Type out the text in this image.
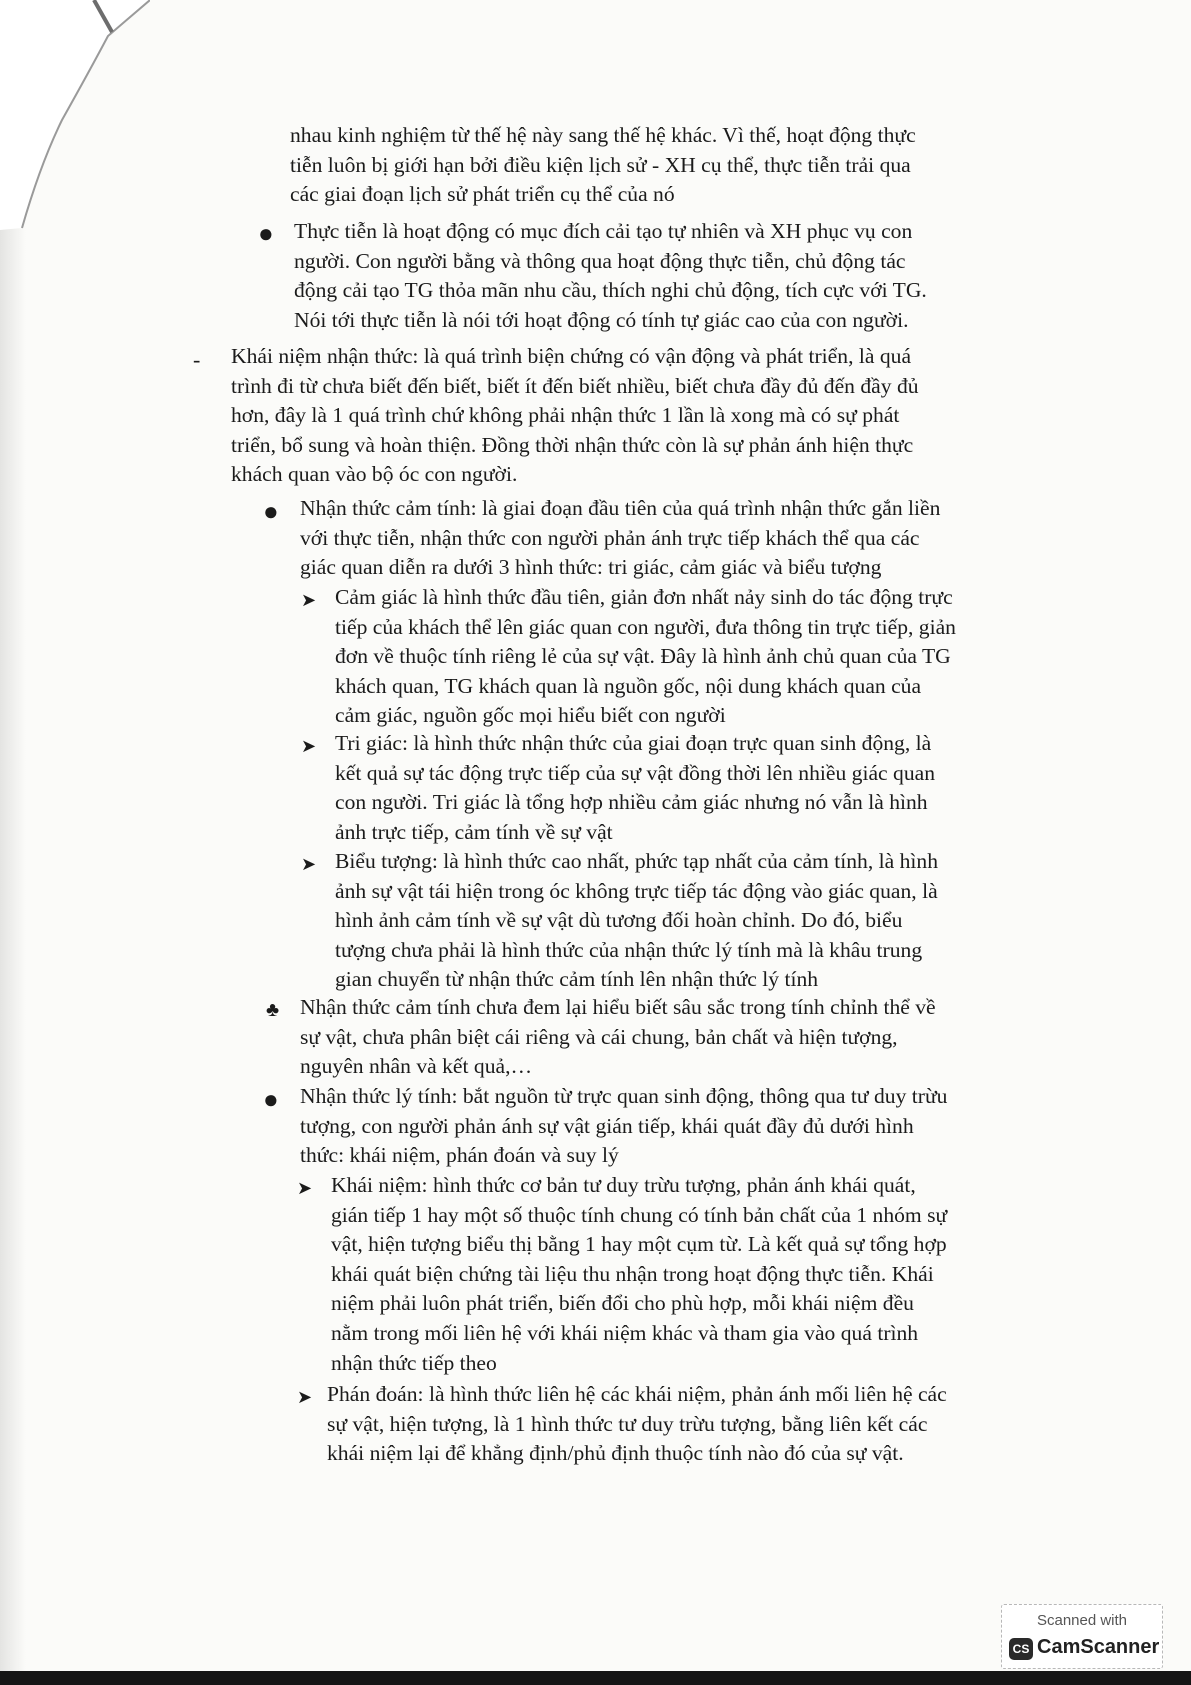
nhau kinh nghiệm từ thế hệ này sang thế hệ khác. Vì thế, hoạt động thực
tiễn luôn bị giới hạn bởi điều kiện lịch sử - XH cụ thể, thực tiễn trải qua
các giai đoạn lịch sử phát triển cụ thể của nó
● Thực tiễn là hoạt động có mục đích cải tạo tự nhiên và XH phục vụ con
người. Con người bằng và thông qua hoạt động thực tiễn, chủ động tác
động cải tạo TG thỏa mãn nhu cầu, thích nghi chủ động, tích cực với TG.
Nói tới thực tiễn là nói tới hoạt động có tính tự giác cao của con người.
- Khái niệm nhận thức: là quá trình biện chứng có vận động và phát triển, là quá
trình đi từ chưa biết đến biết, biết ít đến biết nhiều, biết chưa đầy đủ đến đầy đủ
hơn, đây là 1 quá trình chứ không phải nhận thức 1 lần là xong mà có sự phát
triển, bổ sung và hoàn thiện. Đồng thời nhận thức còn là sự phản ánh hiện thực
khách quan vào bộ óc con người.
● Nhận thức cảm tính: là giai đoạn đầu tiên của quá trình nhận thức gắn liền
với thực tiễn, nhận thức con người phản ánh trực tiếp khách thể qua các
giác quan diễn ra dưới 3 hình thức: tri giác, cảm giác và biểu tượng
➤ Cảm giác là hình thức đầu tiên, giản đơn nhất nảy sinh do tác động trực
tiếp của khách thể lên giác quan con người, đưa thông tin trực tiếp, giản
đơn về thuộc tính riêng lẻ của sự vật. Đây là hình ảnh chủ quan của TG
khách quan, TG khách quan là nguồn gốc, nội dung khách quan của
cảm giác, nguồn gốc mọi hiểu biết con người
➤ Tri giác: là hình thức nhận thức của giai đoạn trực quan sinh động, là
kết quả sự tác động trực tiếp của sự vật đồng thời lên nhiều giác quan
con người. Tri giác là tổng hợp nhiều cảm giác nhưng nó vẫn là hình
ảnh trực tiếp, cảm tính về sự vật
➤ Biểu tượng: là hình thức cao nhất, phức tạp nhất của cảm tính, là hình
ảnh sự vật tái hiện trong óc không trực tiếp tác động vào giác quan, là
hình ảnh cảm tính về sự vật dù tương đối hoàn chỉnh. Do đó, biểu
tượng chưa phải là hình thức của nhận thức lý tính mà là khâu trung
gian chuyển từ nhận thức cảm tính lên nhận thức lý tính
♣ Nhận thức cảm tính chưa đem lại hiểu biết sâu sắc trong tính chỉnh thể về
sự vật, chưa phân biệt cái riêng và cái chung, bản chất và hiện tượng,
nguyên nhân và kết quả,…
● Nhận thức lý tính: bắt nguồn từ trực quan sinh động, thông qua tư duy trừu
tượng, con người phản ánh sự vật gián tiếp, khái quát đầy đủ dưới hình
thức: khái niệm, phán đoán và suy lý
➤ Khái niệm: hình thức cơ bản tư duy trừu tượng, phản ánh khái quát,
gián tiếp 1 hay một số thuộc tính chung có tính bản chất của 1 nhóm sự
vật, hiện tượng biểu thị bằng 1 hay một cụm từ. Là kết quả sự tổng hợp
khái quát biện chứng tài liệu thu nhận trong hoạt động thực tiễn. Khái
niệm phải luôn phát triển, biến đổi cho phù hợp, mỗi khái niệm đều
nằm trong mối liên hệ với khái niệm khác và tham gia vào quá trình
nhận thức tiếp theo
➤ Phán đoán: là hình thức liên hệ các khái niệm, phản ánh mối liên hệ các
sự vật, hiện tượng, là 1 hình thức tư duy trừu tượng, bằng liên kết các
khái niệm lại để khẳng định/phủ định thuộc tính nào đó của sự vật.
Scanned with
CS CamScanner
